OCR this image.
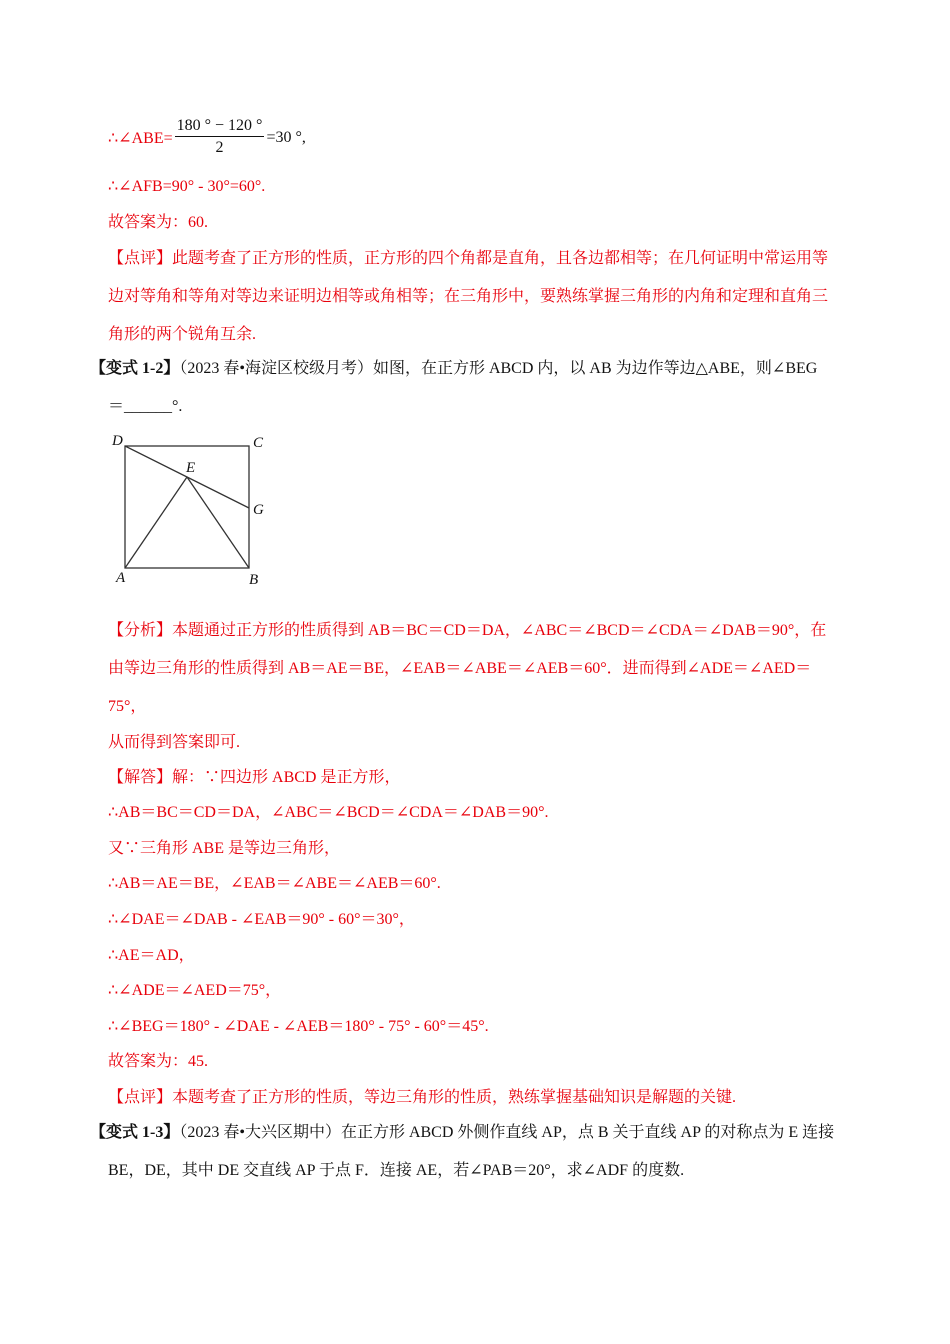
∴∠ABE= $\frac{180 ^\circ - 120 ^\circ}{2} =30$ °,
∴∠AFB=90° - 30°=60°.
故答案为：60.
【点评】此题考查了正方形的性质，正方形的四个角都是直角，且各边都相等；在几何证明中常运用等
边对等角和等角对等边来证明边相等或角相等；在三角形中，要熟练掌握三角形的内角和定理和直角三
角形的两个锐角互余.
【变式 1-2】（2023 春•海淀区校级月考）如图，在正方形 ABCD 内，以 AB 为边作等边△ABE，则∠BEG
＝______°.
D	C
E
G
A	B
【分析】本题通过正方形的性质得到 AB＝BC＝CD＝DA，∠ABC＝∠BCD＝∠CDA＝∠DAB＝90°，在
由等边三角形的性质得到 AB＝AE＝BE，∠EAB＝∠ABE＝∠AEB＝60°．进而得到∠ADE＝∠AED＝
75°，
从而得到答案即可.
【解答】解：∵四边形 ABCD 是正方形，
∴AB＝BC＝CD＝DA，∠ABC＝∠BCD＝∠CDA＝∠DAB＝90°.
又∵三角形 ABE 是等边三角形，
∴AB＝AE＝BE，∠EAB＝∠ABE＝∠AEB＝60°.
∴∠DAE＝∠DAB - ∠EAB＝90° - 60°＝30°，
∴AE＝AD，
∴∠ADE＝∠AED＝75°，
∴∠BEG＝180° - ∠DAE - ∠AEB＝180° - 75° - 60°＝45°.
故答案为：45.
【点评】本题考查了正方形的性质，等边三角形的性质，熟练掌握基础知识是解题的关键.
【变式 1-3】（2023 春•大兴区期中）在正方形 ABCD 外侧作直线 AP，点 B 关于直线 AP 的对称点为 E 连接
BE，DE，其中 DE 交直线 AP 于点 F．连接 AE，若∠PAB＝20°，求∠ADF 的度数.
